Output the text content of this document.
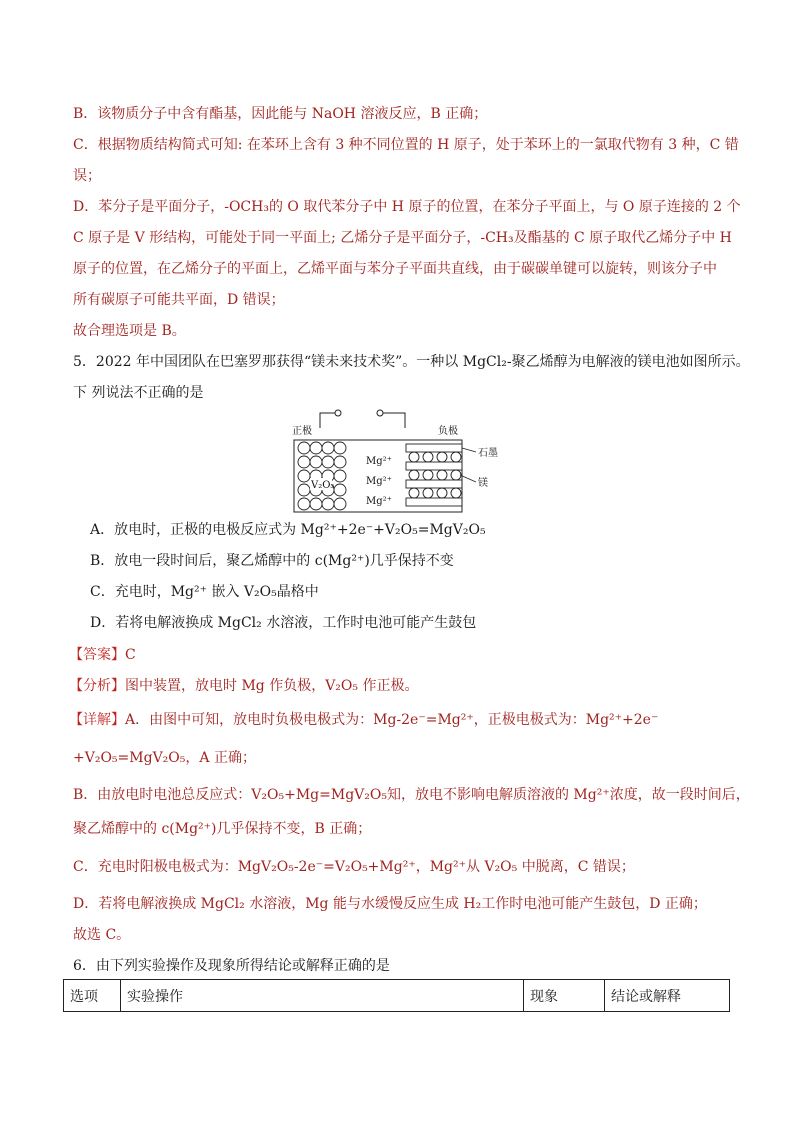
B．该物质分子中含有酯基，因此能与 NaOH 溶液反应，B 正确；
C．根据物质结构简式可知: 在苯环上含有 3 种不同位置的 H 原子，处于苯环上的一氯取代物有 3 种，C 错
误；
D．苯分子是平面分子，-OCH₃的 O 取代苯分子中 H 原子的位置，在苯分子平面上，与 O 原子连接的 2 个
C 原子是 V 形结构，可能处于同一平面上; 乙烯分子是平面分子，-CH₃及酯基的 C 原子取代乙烯分子中 H
原子的位置，在乙烯分子的平面上，乙烯平面与苯分子平面共直线，由于碳碳单键可以旋转，则该分子中
所有碳原子可能共平面，D 错误；
故合理选项是 B。
5．2022 年中国团队在巴塞罗那获得“镁未来技术奖”。一种以 MgCl₂-聚乙烯醇为电解液的镁电池如图所示。
下 列说法不正确的是
正极	负极
V₂O₅
Mg²⁺
Mg²⁺
Mg²⁺
石墨
镁
A．放电时，正极的电极反应式为 Mg²⁺+2e⁻+V₂O₅=MgV₂O₅
B．放电一段时间后，聚乙烯醇中的 c(Mg²⁺)几乎保持不变
C．充电时，Mg²⁺ 嵌入 V₂O₅晶格中
D．若将电解液换成 MgCl₂ 水溶液，工作时电池可能产生鼓包
【答案】C
【分析】图中装置，放电时 Mg 作负极，V₂O₅ 作正极。
【详解】A．由图中可知，放电时负极电极式为：Mg-2e⁻=Mg²⁺，正极电极式为：Mg²⁺+2e⁻
+V₂O₅=MgV₂O₅，A 正确；
B．由放电时电池总反应式：V₂O₅+Mg=MgV₂O₅知，放电不影响电解质溶液的 Mg²⁺浓度，故一段时间后，
聚乙烯醇中的 c(Mg²⁺)几乎保持不变，B 正确；
C．充电时阳极电极式为：MgV₂O₅-2e⁻=V₂O₅+Mg²⁺，Mg²⁺从 V₂O₅ 中脱离，C 错误；
D．若将电解液换成 MgCl₂ 水溶液，Mg 能与水缓慢反应生成 H₂工作时电池可能产生鼓包，D 正确；
故选 C。
6．由下列实验操作及现象所得结论或解释正确的是
选项	实验操作	现象	结论或解释
